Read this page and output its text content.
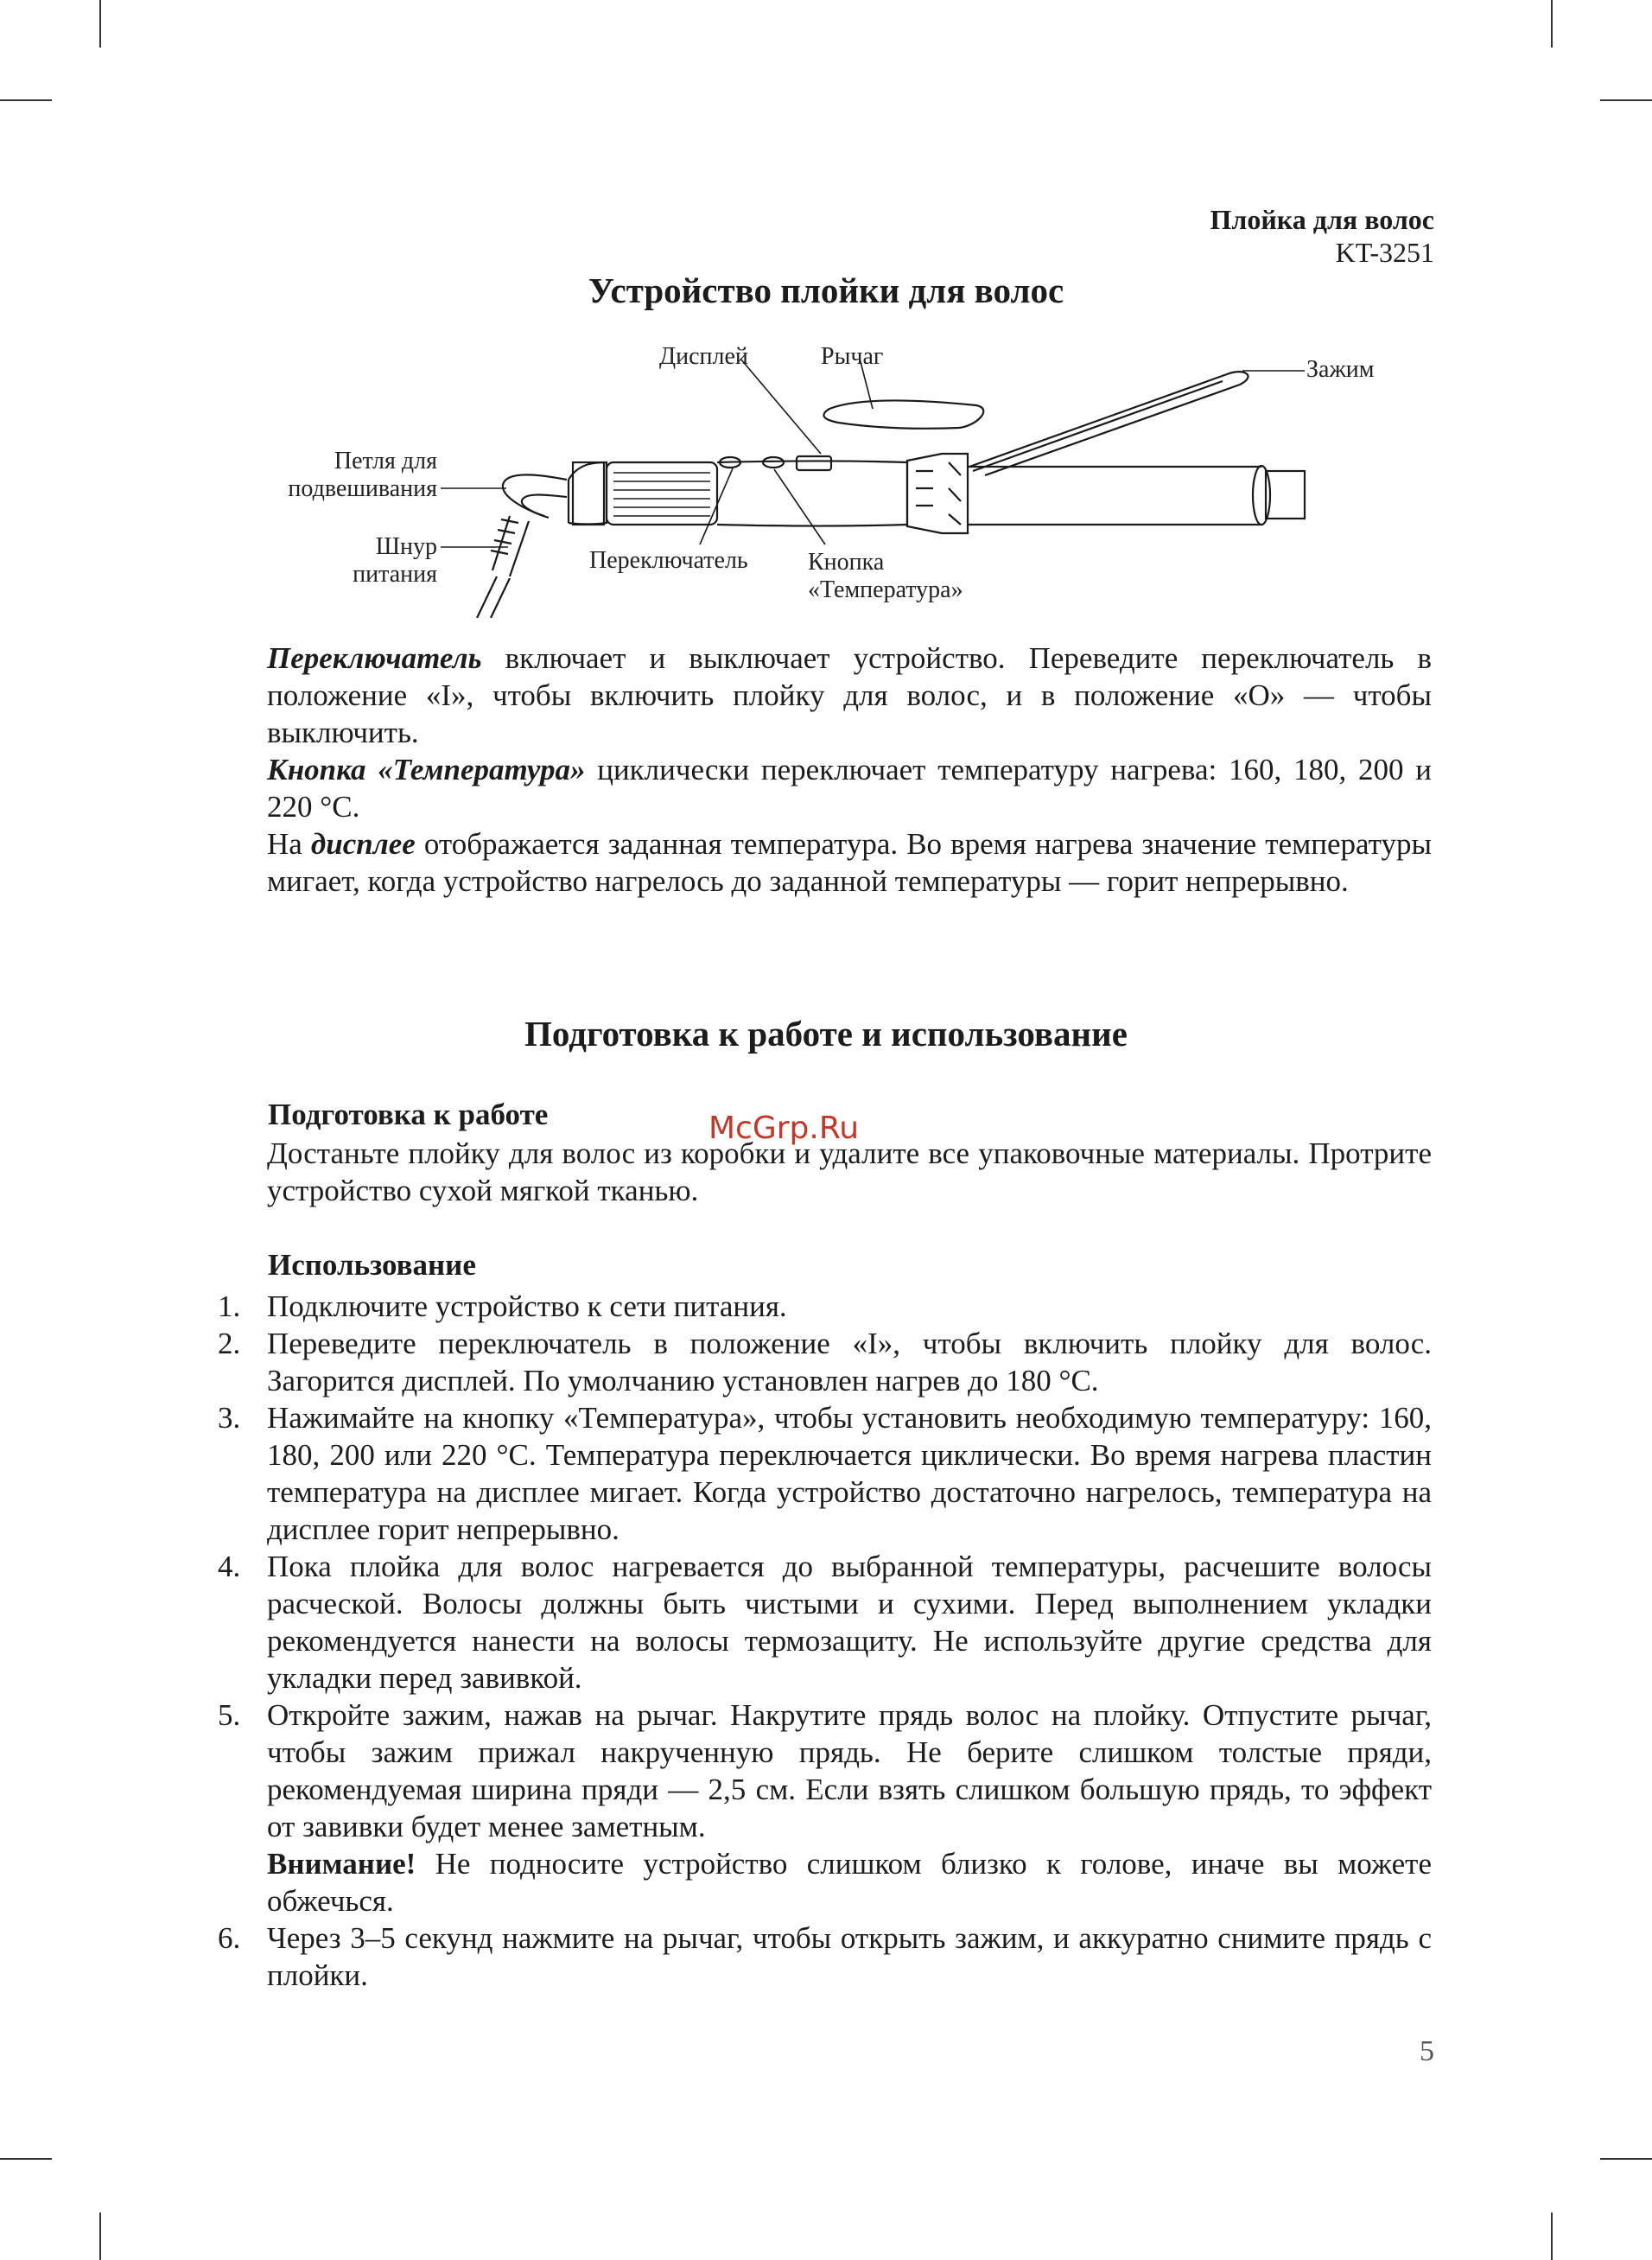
Плойка для волос
KT-3251
Устройство плойки для волос
Дисплей	Рычаг	Зажим
Петля для
подвешивания
Шнур
питания
Переключатель Кнопка
«Температура»
Переключатель включает и выключает устройство. Переведите переключатель в положение «I», чтобы включить плойку для волос, и в положение «O» — чтобы выключить.
Кнопка «Температура» циклически переключает температуру нагрева: 160, 180, 200 и 220 °C.
На дисплее отображается заданная температура. Во время нагрева значение температуры мигает, когда устройство нагрелось до заданной температуры — горит непрерывно.
Подготовка к работе и использование
McGrp.Ru
Подготовка к работе
Достаньте плойку для волос из коробки и удалите все упаковочные материалы. Протрите устройство сухой мягкой тканью.
Использование
1. Подключите устройство к сети питания.
2. Переведите переключатель в положение «I», чтобы включить плойку для волос. Загорится дисплей. По умолчанию установлен нагрев до 180 °C.
3. Нажимайте на кнопку «Температура», чтобы установить необходимую температуру: 160, 180, 200 или 220 °C. Температура переключается циклически. Во время нагрева пластин температура на дисплее мигает. Когда устройство достаточно нагрелось, температура на дисплее горит непрерывно.
4. Пока плойка для волос нагревается до выбранной температуры, расчешите волосы расческой. Волосы должны быть чистыми и сухими. Перед выполнением укладки рекомендуется нанести на волосы термозащиту. Не используйте другие средства для укладки перед завивкой.
5. Откройте зажим, нажав на рычаг. Накрутите прядь волос на плойку. Отпустите рычаг, чтобы зажим прижал накрученную прядь. Не берите слишком толстые пряди, рекомендуемая ширина пряди — 2,5 см. Если взять слишком большую прядь, то эффект от завивки будет менее заметным.
Внимание! Не подносите устройство слишком близко к голове, иначе вы можете обжечься.
6. Через 3–5 секунд нажмите на рычаг, чтобы открыть зажим, и аккуратно снимите прядь с плойки.
5
